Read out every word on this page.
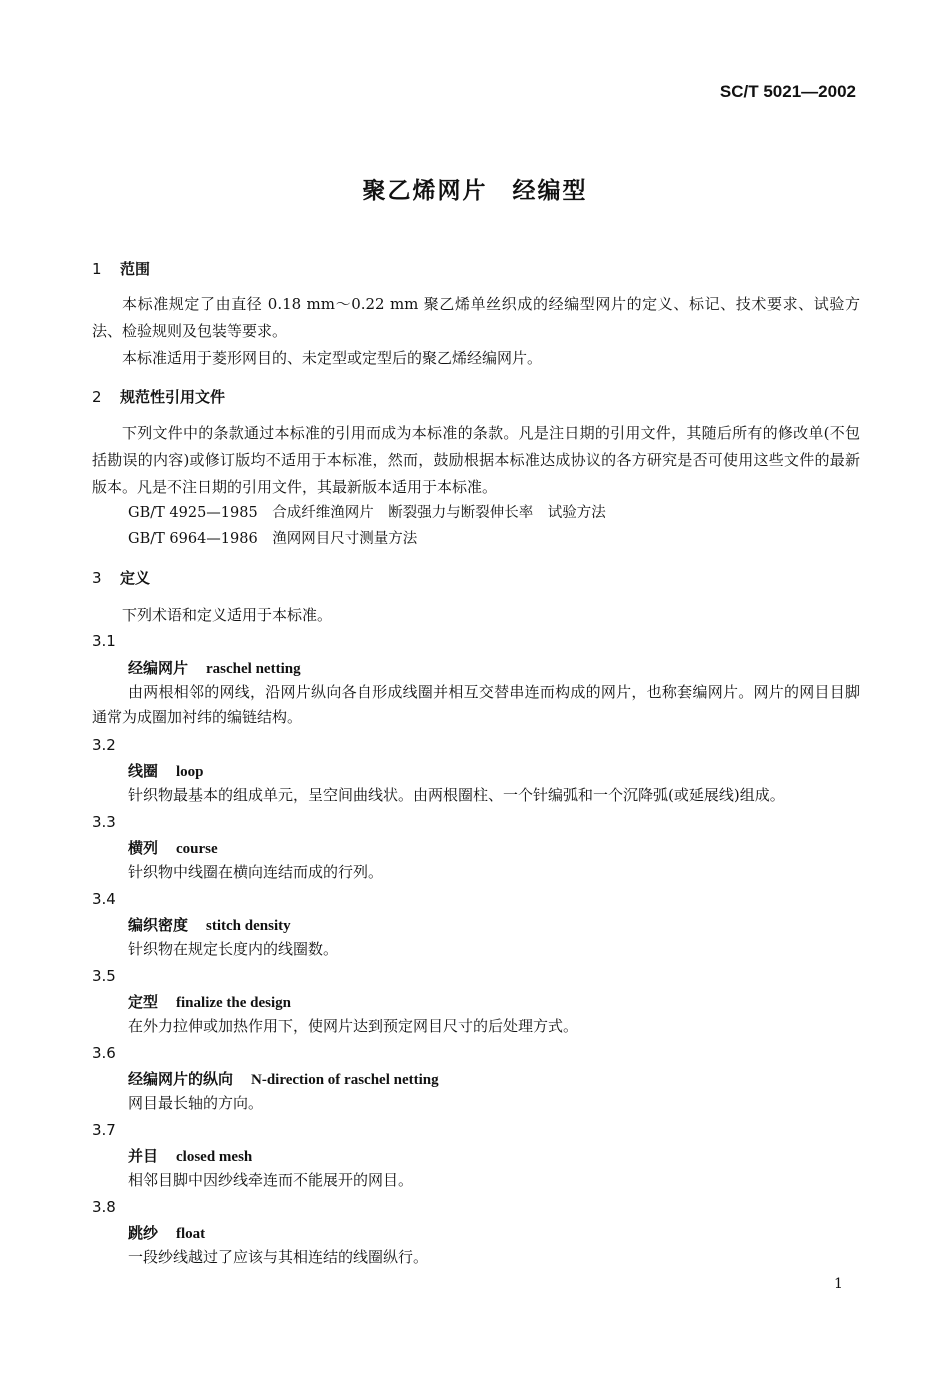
SC/T 5021—2002
聚乙烯网片　经编型
1 范围
本标准规定了由直径 0.18 mm～0.22 mm 聚乙烯单丝织成的经编型网片的定义、标记、技术要求、试验方法、检验规则及包装等要求。
本标准适用于菱形网目的、未定型或定型后的聚乙烯经编网片。
2 规范性引用文件
下列文件中的条款通过本标准的引用而成为本标准的条款。凡是注日期的引用文件，其随后所有的修改单(不包括勘误的内容)或修订版均不适用于本标准，然而，鼓励根据本标准达成协议的各方研究是否可使用这些文件的最新版本。凡是不注日期的引用文件，其最新版本适用于本标准。
GB/T 4925—1985　合成纤维渔网片　断裂强力与断裂伸长率　试验方法
GB/T 6964—1986　渔网网目尺寸测量方法
3 定义
下列术语和定义适用于本标准。
3.1
经编网片 raschel netting
由两根相邻的网线，沿网片纵向各自形成线圈并相互交替串连而构成的网片，也称套编网片。网片的网目目脚通常为成圈加衬纬的编链结构。
3.2
线圈 loop
针织物最基本的组成单元，呈空间曲线状。由两根圈柱、一个针编弧和一个沉降弧(或延展线)组成。
3.3
横列 course
针织物中线圈在横向连结而成的行列。
3.4
编织密度 stitch density
针织物在规定长度内的线圈数。
3.5
定型 finalize the design
在外力拉伸或加热作用下，使网片达到预定网目尺寸的后处理方式。
3.6
经编网片的纵向 N-direction of raschel netting
网目最长轴的方向。
3.7
并目 closed mesh
相邻目脚中因纱线牵连而不能展开的网目。
3.8
跳纱 float
一段纱线越过了应该与其相连结的线圈纵行。
1
